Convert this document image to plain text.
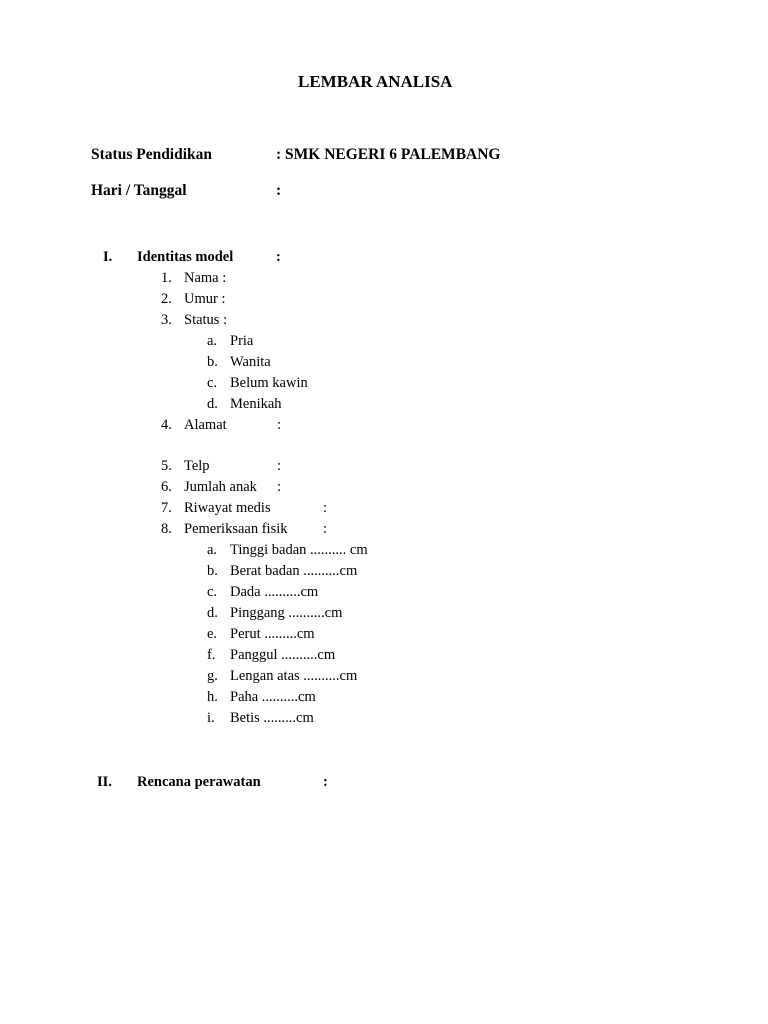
LEMBAR ANALISA
Status Pendidikan	: SMK NEGERI 6 PALEMBANG
Hari / Tanggal	:
I. Identitas model	:
1. Nama :
2. Umur :
3. Status :
a. Pria
b. Wanita
c. Belum kawin
d. Menikah
4. Alamat	:
5. Telp	:
6. Jumlah anak :
7. Riwayat medis	:
8. Pemeriksaan fisik :
a. Tinggi badan .......... cm
b. Berat badan ..........cm
c. Dada ..........cm
d. Pinggang ..........cm
e. Perut .........cm
f. Panggul ..........cm
g. Lengan atas ..........cm
h. Paha ..........cm
i. Betis .........cm
II. Rencana perawatan	:
